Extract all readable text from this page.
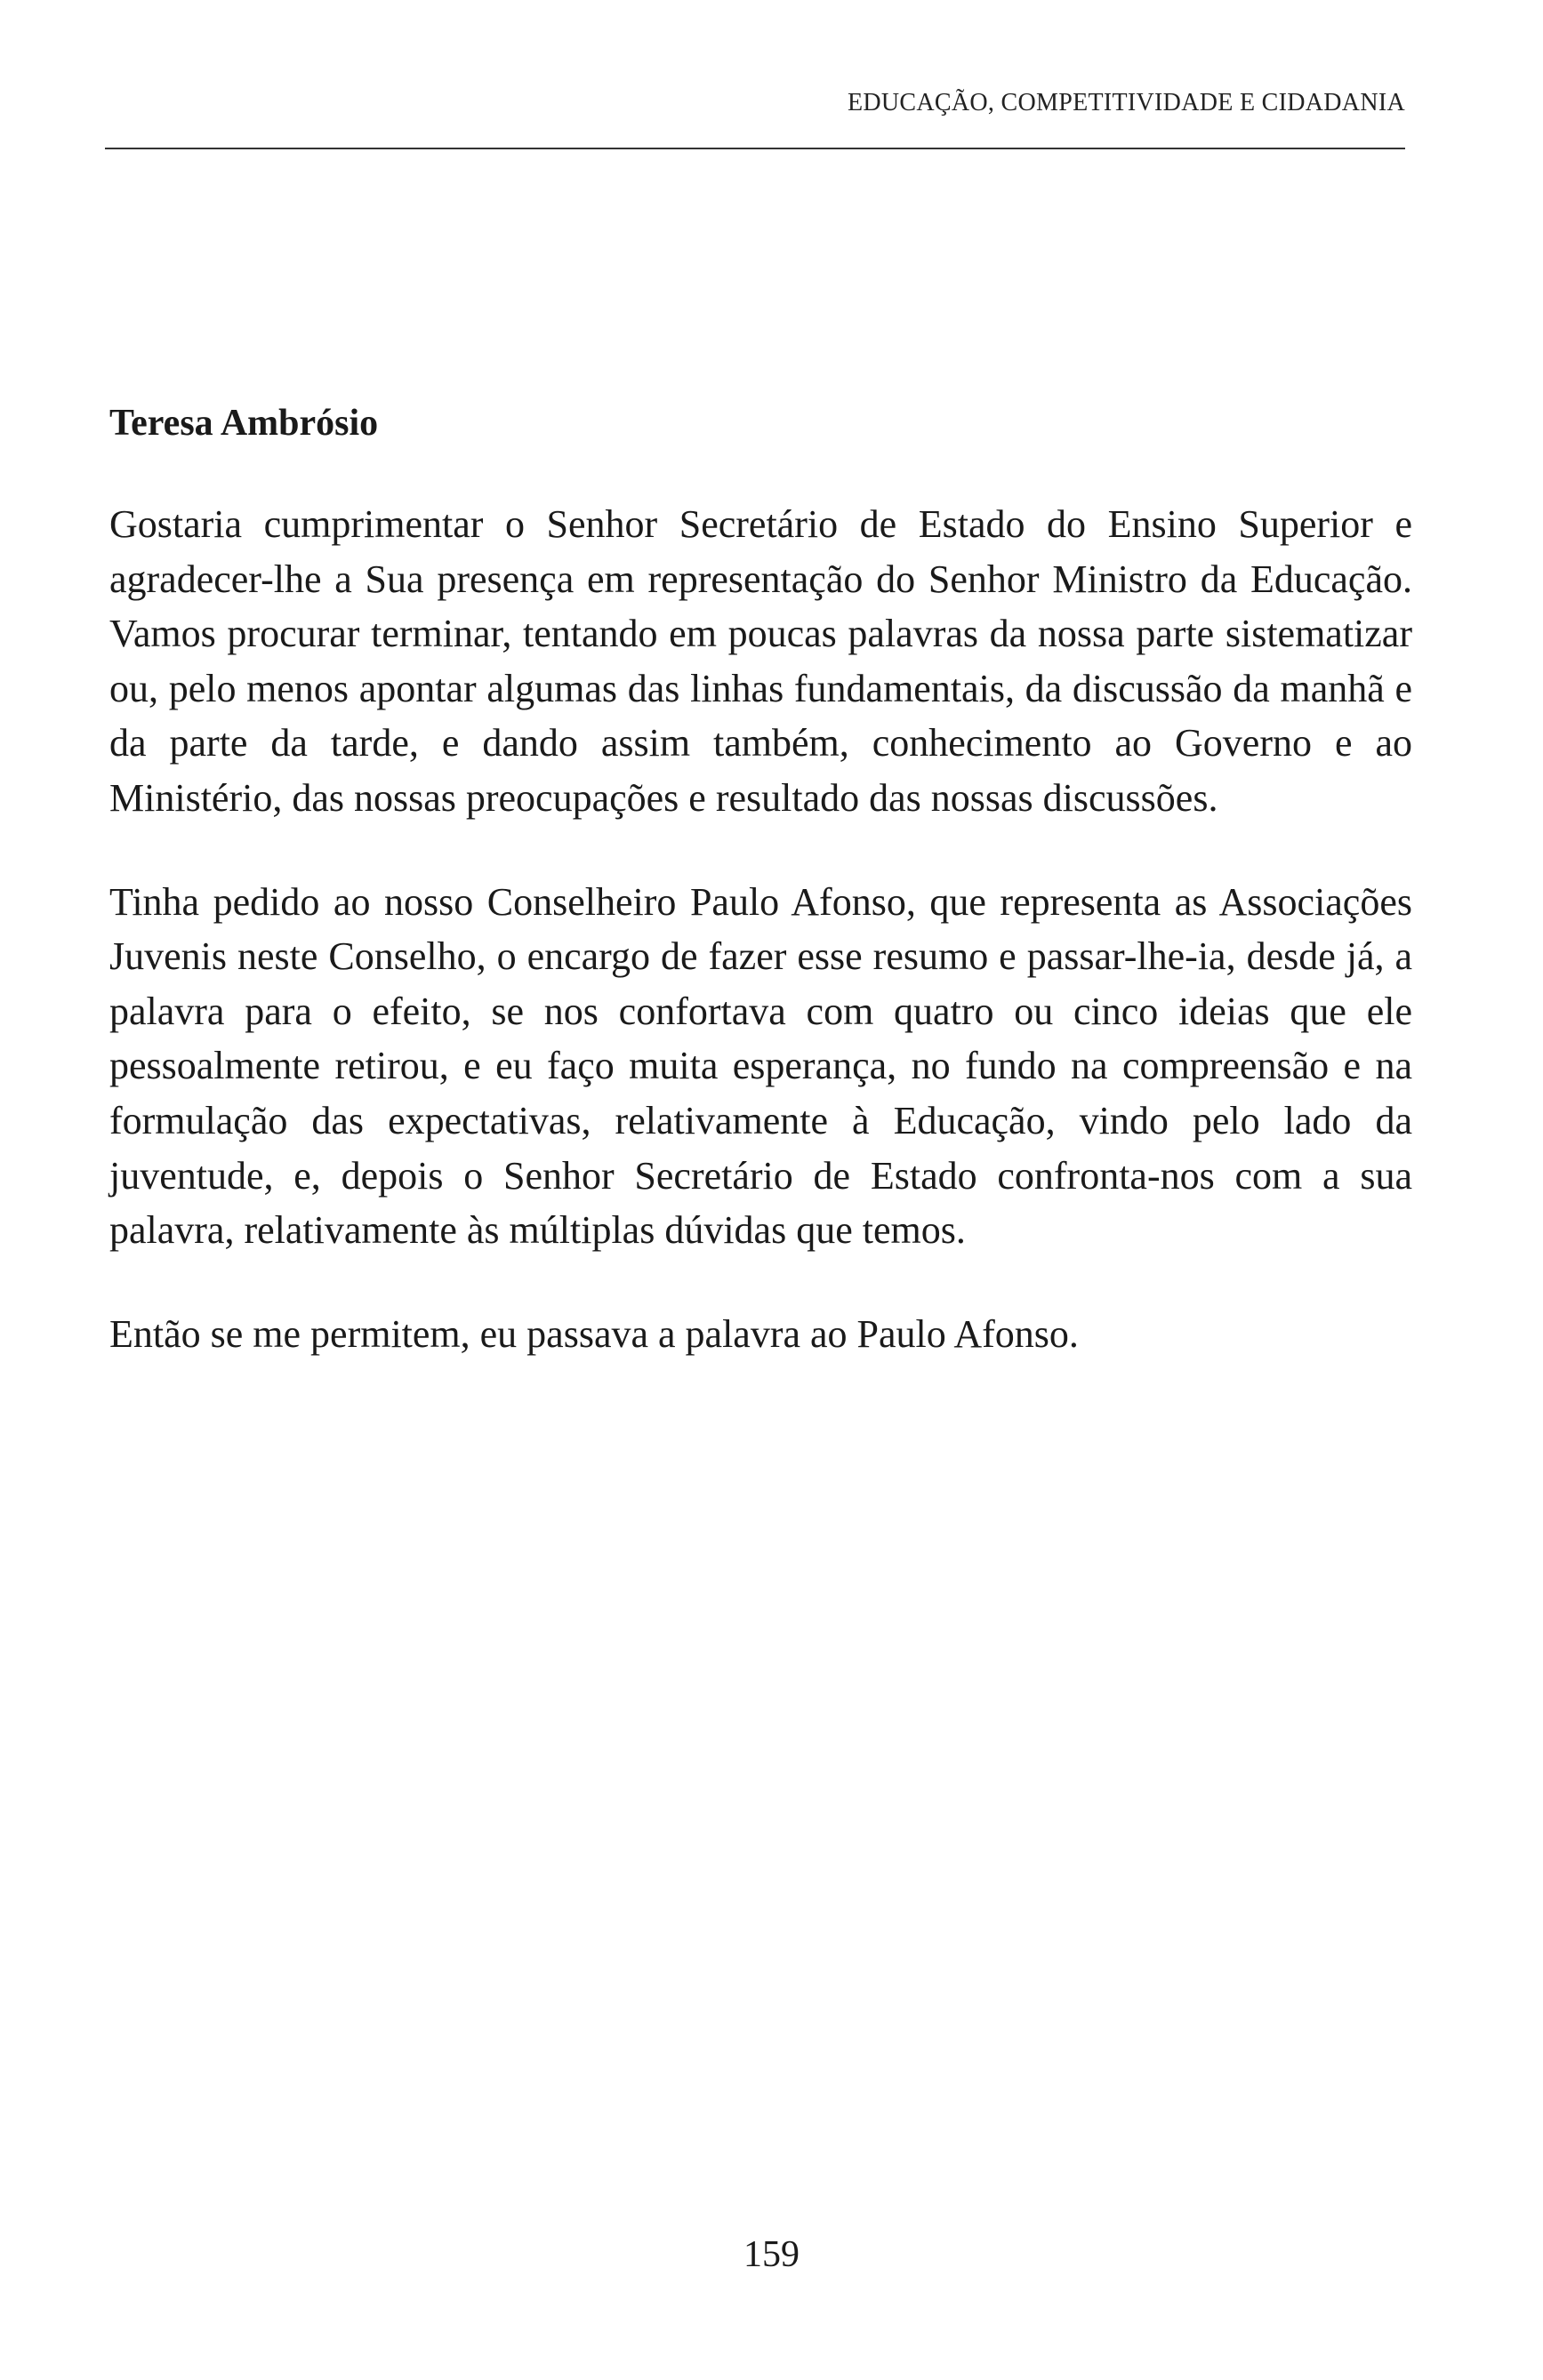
EDUCAÇÃO, COMPETITIVIDADE E CIDADANIA
Teresa Ambrósio

Gostaria cumprimentar o Senhor Secretário de Estado do Ensino Superior e agradecer-lhe a Sua presença em representação do Senhor Ministro da Educação. Vamos procurar terminar, tentando em poucas palavras da nossa parte sistematizar ou, pelo menos apontar algumas das linhas fundamentais, da discussão da manhã e da parte da tarde, e dando assim também, conhecimento ao Governo e ao Ministério, das nossas preocupações e resultado das nossas discussões.

Tinha pedido ao nosso Conselheiro Paulo Afonso, que representa as Associações Juvenis neste Conselho, o encargo de fazer esse resumo e passar-lhe-ia, desde já, a palavra para o efeito, se nos confortava com quatro ou cinco ideias que ele pessoalmente retirou, e eu faço muita esperança, no fundo na compreensão e na formulação das expectativas, relativamente à Educação, vindo pelo lado da juventude, e, depois o Senhor Secretário de Estado confronta-nos com a sua palavra, relativamente às múltiplas dúvidas que temos.

Então se me permitem, eu passava a palavra ao Paulo Afonso.

159
